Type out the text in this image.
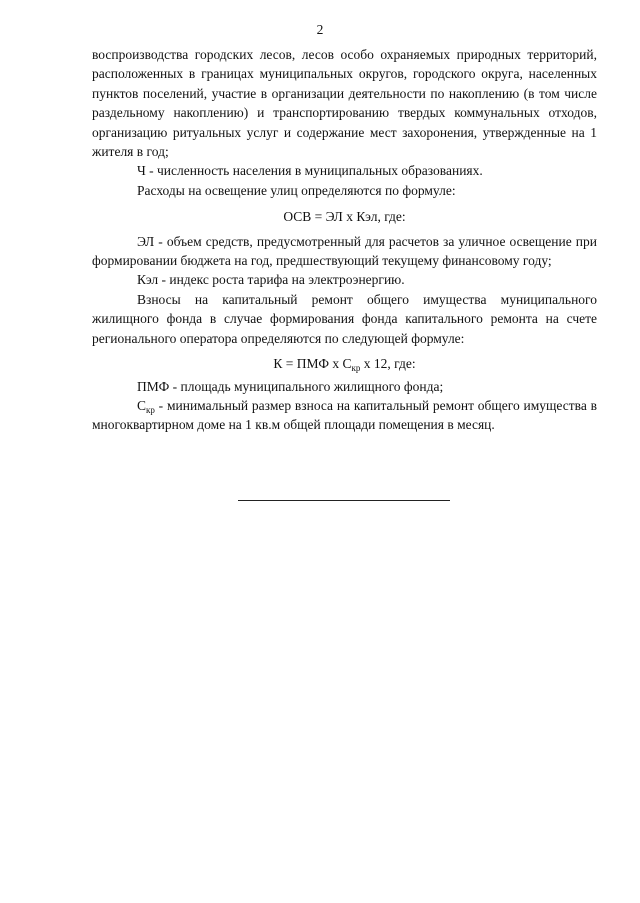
2

воспроизводства городских лесов, лесов особо охраняемых природных территорий, расположенных в границах муниципальных округов, городского округа, населенных пунктов поселений, участие в организации деятельности по накоплению (в том числе раздельному накоплению) и транспортированию твердых коммунальных отходов, организацию ритуальных услуг и содержание мест захоронения, утвержденные на 1 жителя в год;

Ч - численность населения в муниципальных образованиях.

Расходы на освещение улиц определяются по формуле:

ОСВ = ЭЛ х Кэл, где:

ЭЛ - объем средств, предусмотренный для расчетов за уличное освещение при формировании бюджета на год, предшествующий текущему финансовому году;

Кэл - индекс роста тарифа на электроэнергию.

Взносы на капитальный ремонт общего имущества муниципального жилищного фонда в случае формирования фонда капитального ремонта на счете регионального оператора определяются по следующей формуле:

К = ПМФ х $С_{кр}$ х 12, где:

ПМФ - площадь муниципального жилищного фонда;

$С_{кр}$ - минимальный размер взноса на капитальный ремонт общего имущества в многоквартирном доме на 1 кв.м общей площади помещения в месяц.
